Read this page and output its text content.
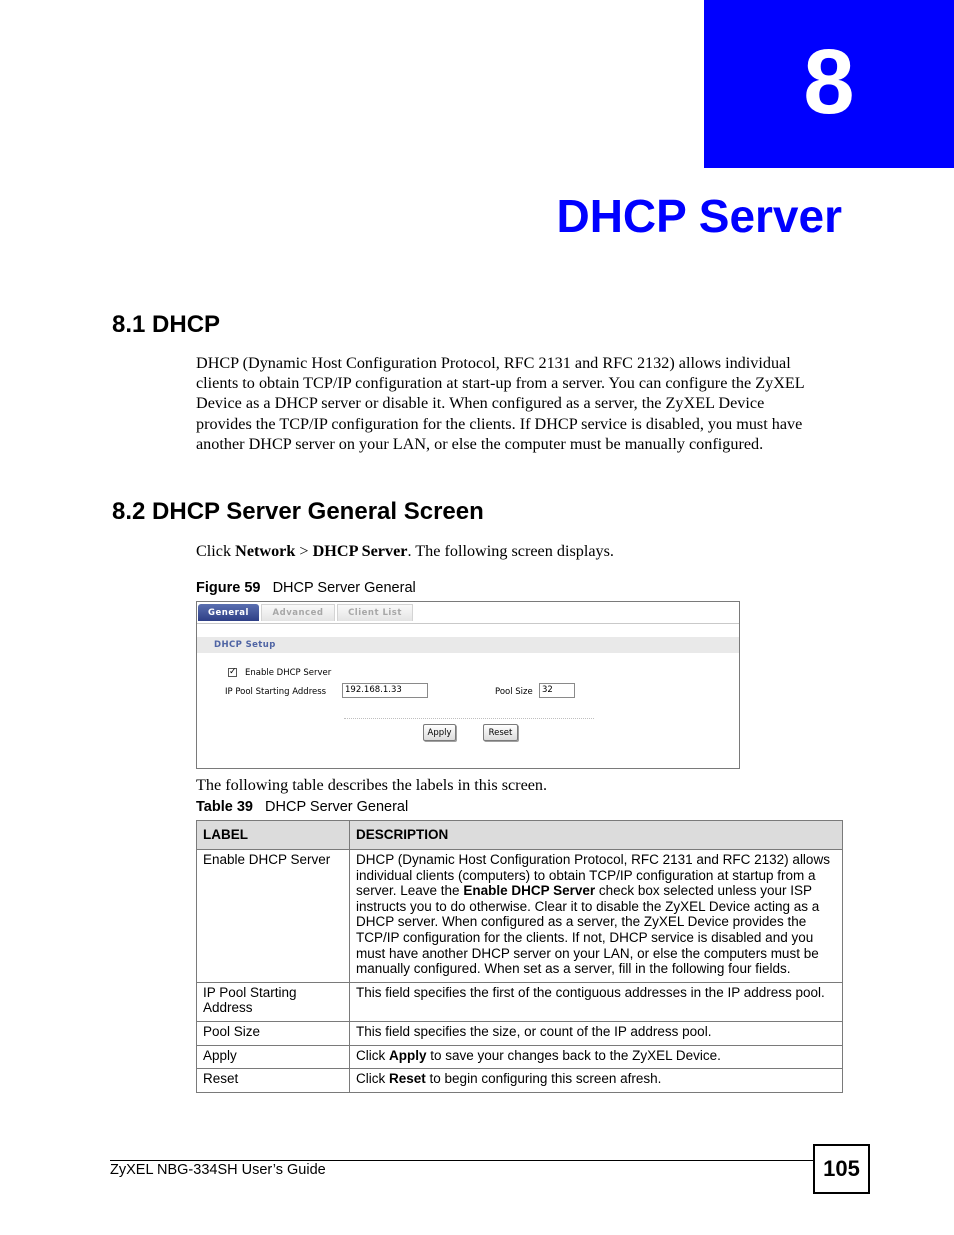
8
DHCP Server
8.1 DHCP
DHCP (Dynamic Host Configuration Protocol, RFC 2131 and RFC 2132) allows individual
clients to obtain TCP/IP configuration at start-up from a server. You can configure the ZyXEL
Device as a DHCP server or disable it. When configured as a server, the ZyXEL Device
provides the TCP/IP configuration for the clients. If DHCP service is disabled, you must have
another DHCP server on your LAN, or else the computer must be manually configured.
8.2 DHCP Server General Screen

Click Network > DHCP Server. The following screen displays.

Figure 59 DHCP Server General

General	Advanced	Client List
DHCP Setup
✓ Enable DHCP Server
IP Pool Starting Address	192.168.1.33	Pool Size	32
Apply	Reset

The following table describes the labels in this screen.

Table 39 DHCP Server General

LABEL	DESCRIPTION
Enable DHCP Server	DHCP (Dynamic Host Configuration Protocol, RFC 2131 and RFC 2132) allows individual clients (computers) to obtain TCP/IP configuration at startup from a server. Leave the Enable DHCP Server check box selected unless your ISP instructs you to do otherwise. Clear it to disable the ZyXEL Device acting as a DHCP server. When configured as a server, the ZyXEL Device provides the TCP/IP configuration for the clients. If not, DHCP service is disabled and you must have another DHCP server on your LAN, or else the computers must be manually configured. When set as a server, fill in the following four fields.
IP Pool Starting
Address	This field specifies the first of the contiguous addresses in the IP address pool.
Pool Size	This field specifies the size, or count of the IP address pool.
Apply	Click Apply to save your changes back to the ZyXEL Device.
Reset	Click Reset to begin configuring this screen afresh.
ZyXEL NBG-334SH User’s Guide	105
